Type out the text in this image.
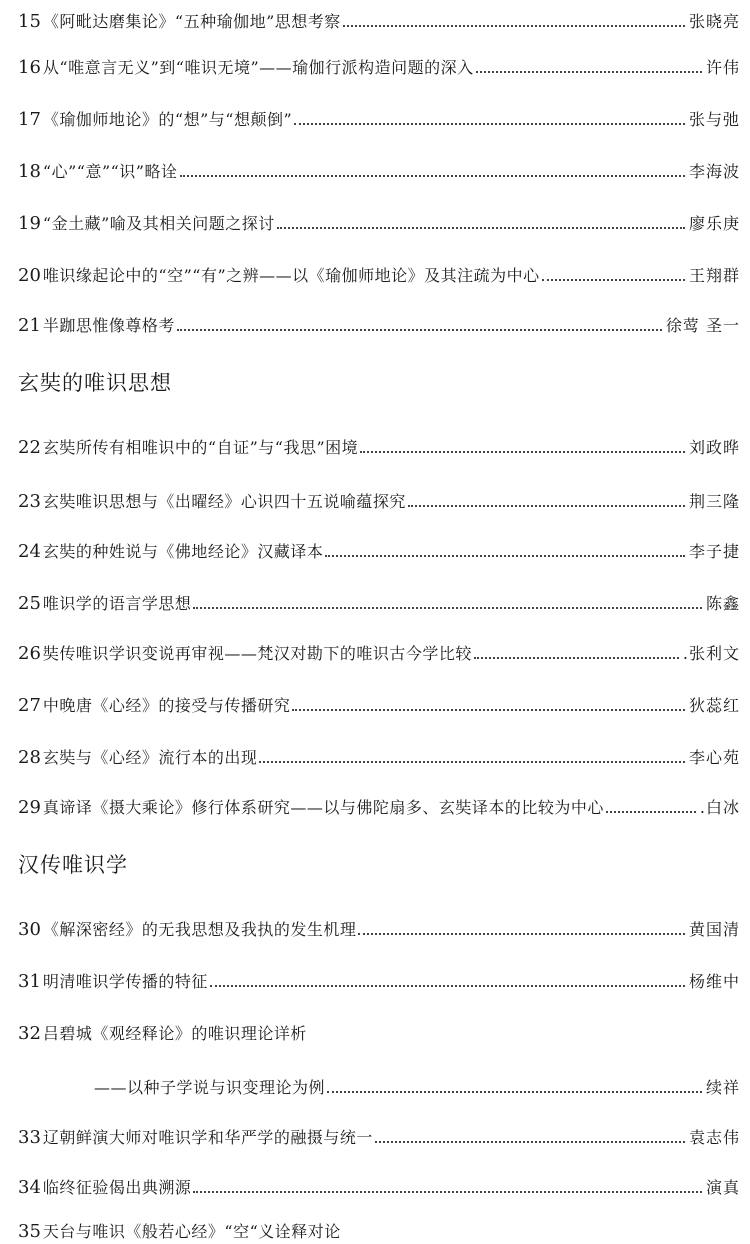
15 《阿毗达磨集论》“五种瑜伽地”思想考察	张晓亮
16 从“唯意言无义”到“唯识无境”——瑜伽行派构造问题的深入	许伟
17 《瑜伽师地论》的“想”与“想颠倒”	张与弛
18 “心”“意”“识”略诠	李海波
19 “金土藏”喻及其相关问题之探讨	廖乐庚
20 唯识缘起论中的“空”“有”之辨——以《瑜伽师地论》及其注疏为中心	王翔群
21 半跏思惟像尊格考	徐莺 圣一
玄奘的唯识思想
22 玄奘所传有相唯识中的“自证”与“我思”困境	刘政晔
23 玄奘唯识思想与《出曜经》心识四十五说喻蕴探究	荆三隆
24 玄奘的种姓说与《佛地经论》汉藏译本	李子捷
25 唯识学的语言学思想	陈鑫
26 奘传唯识学识变说再审视——梵汉对勘下的唯识古今学比较	.张利文
27 中晚唐《心经》的接受与传播研究	狄蕊红
28 玄奘与《心经》流行本的出现	李心苑
29 真谛译《摄大乘论》修行体系研究——以与佛陀扇多、玄奘译本的比较为中心	.白冰
汉传唯识学
30 《解深密经》的无我思想及我执的发生机理	黄国清
31 明清唯识学传播的特征	杨维中
32 吕碧城《观经释论》的唯识理论详析
——以种子学说与识变理论为例	续祥
33 辽朝鲜演大师对唯识学和华严学的融摄与统一	袁志伟
34 临终征验偈出典溯源	演真
35 天台与唯识《般若心经》“空“义诠释对论
